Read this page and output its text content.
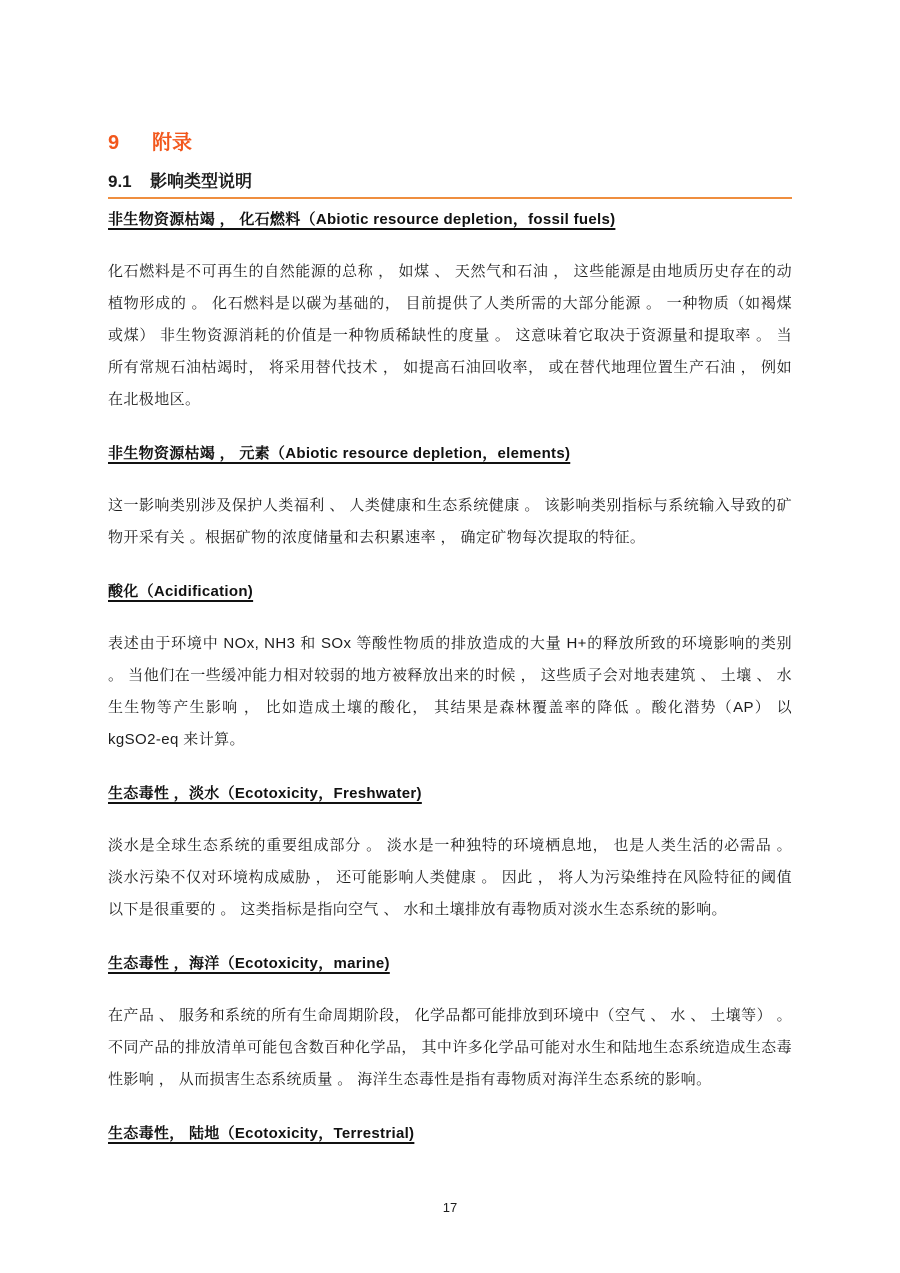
9	附录
9.1	影响类型说明
非生物资源枯竭 ， 化石燃料（Abiotic resource depletion，fossil fuels)

化石燃料是不可再生的自然能源的总称 ， 如煤 、 天然气和石油 ， 这些能源是由地质历史存在的动植物形成的 。 化石燃料是以碳为基础的， 目前提供了人类所需的大部分能源 。 一种物质（如褐煤或煤） 非生物资源消耗的价值是一种物质稀缺性的度量 。 这意味着它取决于资源量和提取率 。 当所有常规石油枯竭时， 将采用替代技术 ， 如提高石油回收率， 或在替代地理位置生产石油 ， 例如在北极地区。

非生物资源枯竭 ， 元素（Abiotic resource depletion，elements)

这一影响类别涉及保护人类福利 、 人类健康和生态系统健康 。 该影响类别指标与系统输入导致的矿物开采有关 。根据矿物的浓度储量和去积累速率 ， 确定矿物每次提取的特征。

酸化（Acidification)

表述由于环境中 NOx, NH3 和 SOx 等酸性物质的排放造成的大量 H+的释放所致的环境影响的类别 。 当他们在一些缓冲能力相对较弱的地方被释放出来的时候 ， 这些质子会对地表建筑 、 土壤 、 水生生物等产生影响 ， 比如造成土壤的酸化， 其结果是森林覆盖率的降低 。酸化潜势（AP） 以 kgSO2-eq 来计算。

生态毒性 ，淡水（Ecotoxicity，Freshwater)

淡水是全球生态系统的重要组成部分 。 淡水是一种独特的环境栖息地， 也是人类生活的必需品 。 淡水污染不仅对环境构成威胁 ， 还可能影响人类健康 。 因此 ， 将人为污染维持在风险特征的阈值以下是很重要的 。 这类指标是指向空气 、 水和土壤排放有毒物质对淡水生态系统的影响。

生态毒性 ，海洋（Ecotoxicity，marine)

在产品 、 服务和系统的所有生命周期阶段， 化学品都可能排放到环境中（空气 、 水 、 土壤等） 。不同产品的排放清单可能包含数百种化学品， 其中许多化学品可能对水生和陆地生态系统造成生态毒性影响 ， 从而损害生态系统质量 。 海洋生态毒性是指有毒物质对海洋生态系统的影响。

生态毒性， 陆地（Ecotoxicity，Terrestrial)
17
